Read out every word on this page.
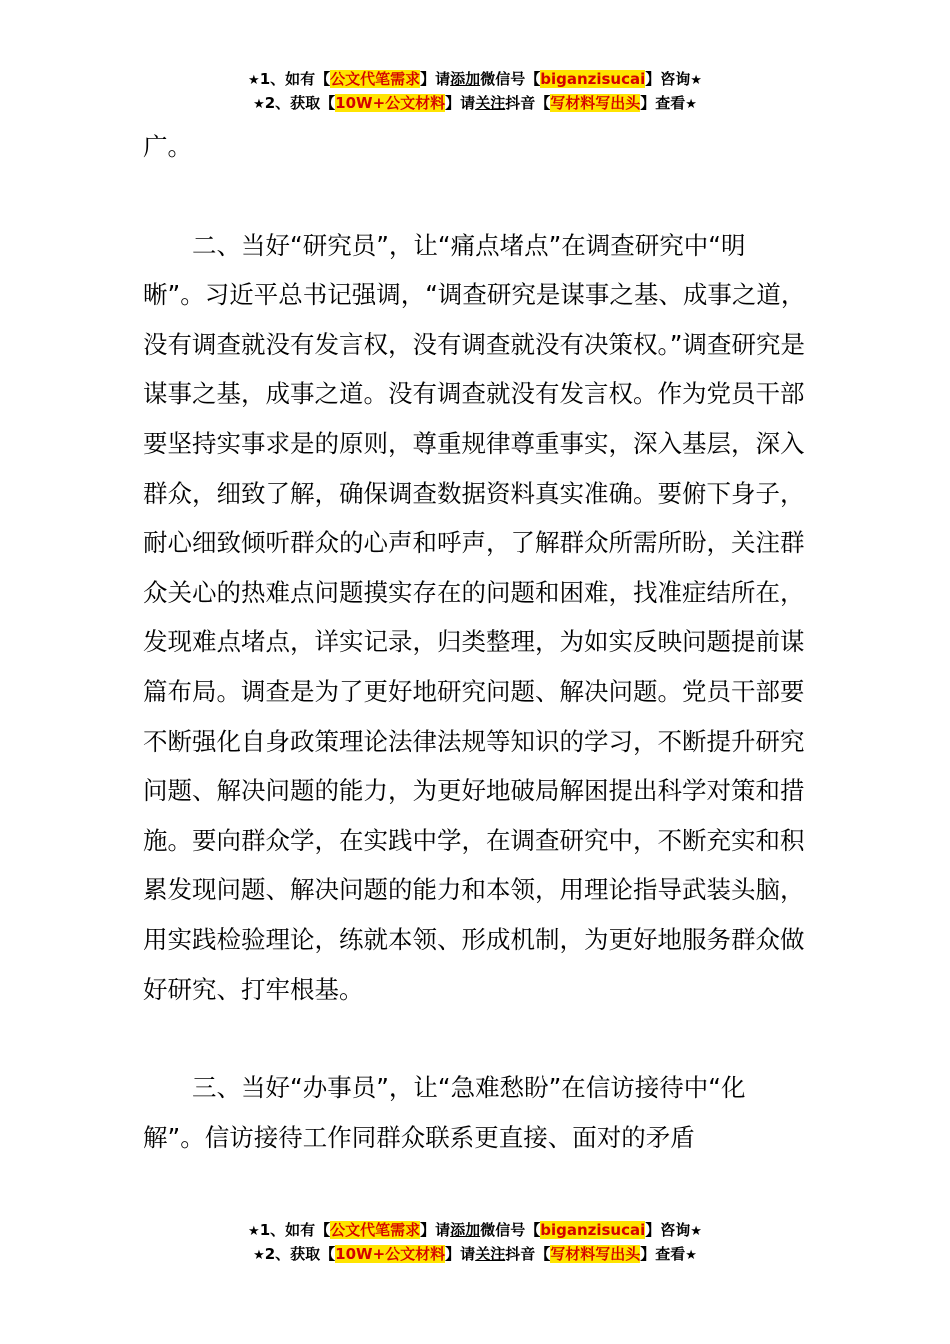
★1、如有【公文代笔需求】请添加微信号【biganzisucai】咨询★
★2、获取【10W+公文材料】请关注抖音【写材料写出头】查看★

广。

二、当好“研究员”，让“痛点堵点”在调查研究中“明晰”。习近平总书记强调，“调查研究是谋事之基、成事之道，没有调查就没有发言权，没有调查就没有决策权。”调查研究是谋事之基，成事之道。没有调查就没有发言权。作为党员干部要坚持实事求是的原则，尊重规律尊重事实，深入基层，深入群众，细致了解，确保调查数据资料真实准确。要俯下身子，耐心细致倾听群众的心声和呼声，了解群众所需所盼，关注群众关心的热难点问题摸实存在的问题和困难，找准症结所在，发现难点堵点，详实记录，归类整理，为如实反映问题提前谋篇布局。调查是为了更好地研究问题、解决问题。党员干部要不断强化自身政策理论法律法规等知识的学习，不断提升研究问题、解决问题的能力，为更好地破局解困提出科学对策和措施。要向群众学，在实践中学，在调查研究中，不断充实和积累发现问题、解决问题的能力和本领，用理论指导武装头脑，用实践检验理论，练就本领、形成机制，为更好地服务群众做好研究、打牢根基。

三、当好“办事员”，让“急难愁盼”在信访接待中“化解”。信访接待工作同群众联系更直接、面对的矛盾

★1、如有【公文代笔需求】请添加微信号【biganzisucai】咨询★
★2、获取【10W+公文材料】请关注抖音【写材料写出头】查看★
